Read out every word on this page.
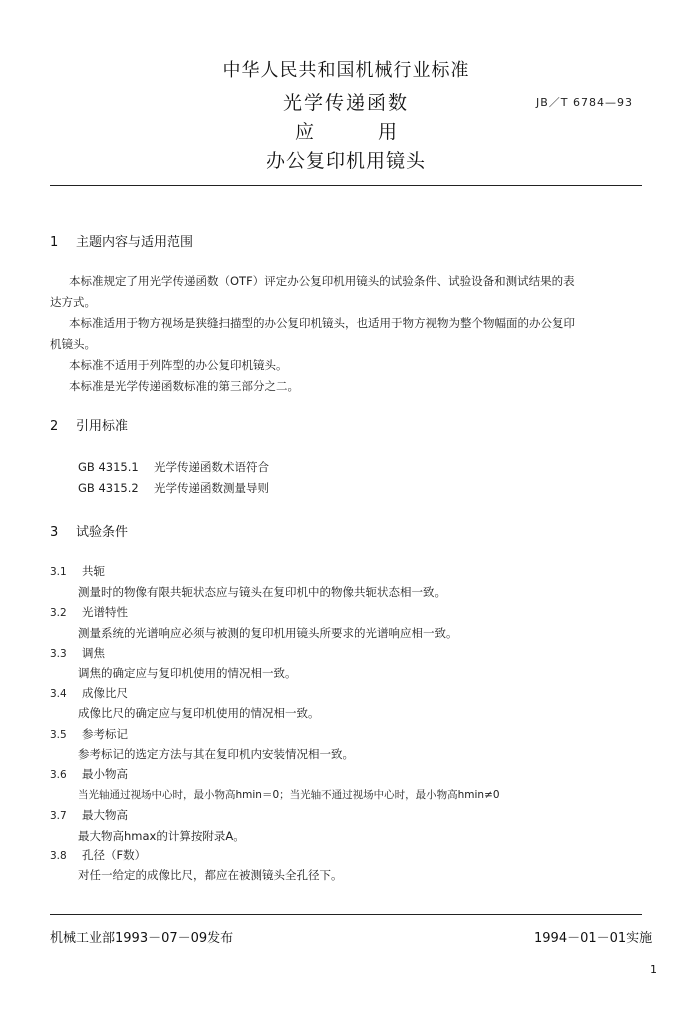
中华人民共和国机械行业标准
光学传递函数
应	用
办公复印机用镜头
JB／T 6784—93
1 主题内容与适用范围

本标准规定了用光学传递函数（OTF）评定办公复印机用镜头的试验条件、试验设备和测试结果的表

达方式。

本标准适用于物方视场是狭缝扫描型的办公复印机镜头，也适用于物方视物为整个物幅面的办公复印

机镜头。

本标准不适用于列阵型的办公复印机镜头。

本标准是光学传递函数标准的第三部分之二。

2 引用标准
GB 4315.1 光学传递函数术语符合
GB 4315.2 光学传递函数测量导则
3 试验条件
3.1 共轭
测量时的物像有限共轭状态应与镜头在复印机中的物像共轭状态相一致。
3.2 光谱特性
测量系统的光谱响应必须与被测的复印机用镜头所要求的光谱响应相一致。
3.3 调焦
调焦的确定应与复印机使用的情况相一致。
3.4 成像比尺
成像比尺的确定应与复印机使用的情况相一致。
3.5 参考标记
参考标记的选定方法与其在复印机内安装情况相一致。
3.6 最小物高
当光轴通过视场中心时，最小物高hmin＝0；当光轴不通过视场中心时，最小物高hmin≠0
3.7 最大物高
最大物高hmax的计算按附录A。
3.8 孔径（F数）
对任一给定的成像比尺，都应在被测镜头全孔径下。
机械工业部1993－07－09发布	1994－01－01实施
1
